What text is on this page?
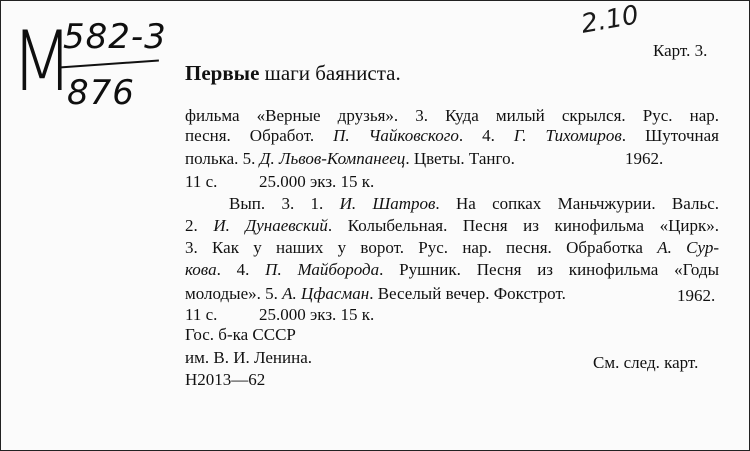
M
582-3
876
2.10
Карт. 3.
Первые шаги баяниста.
фильма «Верные друзья». 3. Куда милый скрылся. Рус. нар.
песня. Обработ. П. Чайковского. 4. Г. Тихомиров. Шуточная
полька. 5. Д. Львов-Компанеец. Цветы. Танго.	1962.
11 с. 25.000 экз. 15 к.
Вып. 3. 1. И. Шатров. На сопках Маньчжурии. Вальс.
2. И. Дунаевский. Колыбельная. Песня из кинофильма «Цирк».
3. Как у наших у ворот. Рус. нар. песня. Обработка А. Сур-
кова. 4. П. Майборода. Рушник. Песня из кинофильма «Годы
молодые». 5. А. Цфасман. Веселый вечер. Фокстрот.	1962.
11 с. 25.000 экз. 15 к.
Гос. б-ка СССР
им. В. И. Ленина.
Н2013—62
См. след. карт.
